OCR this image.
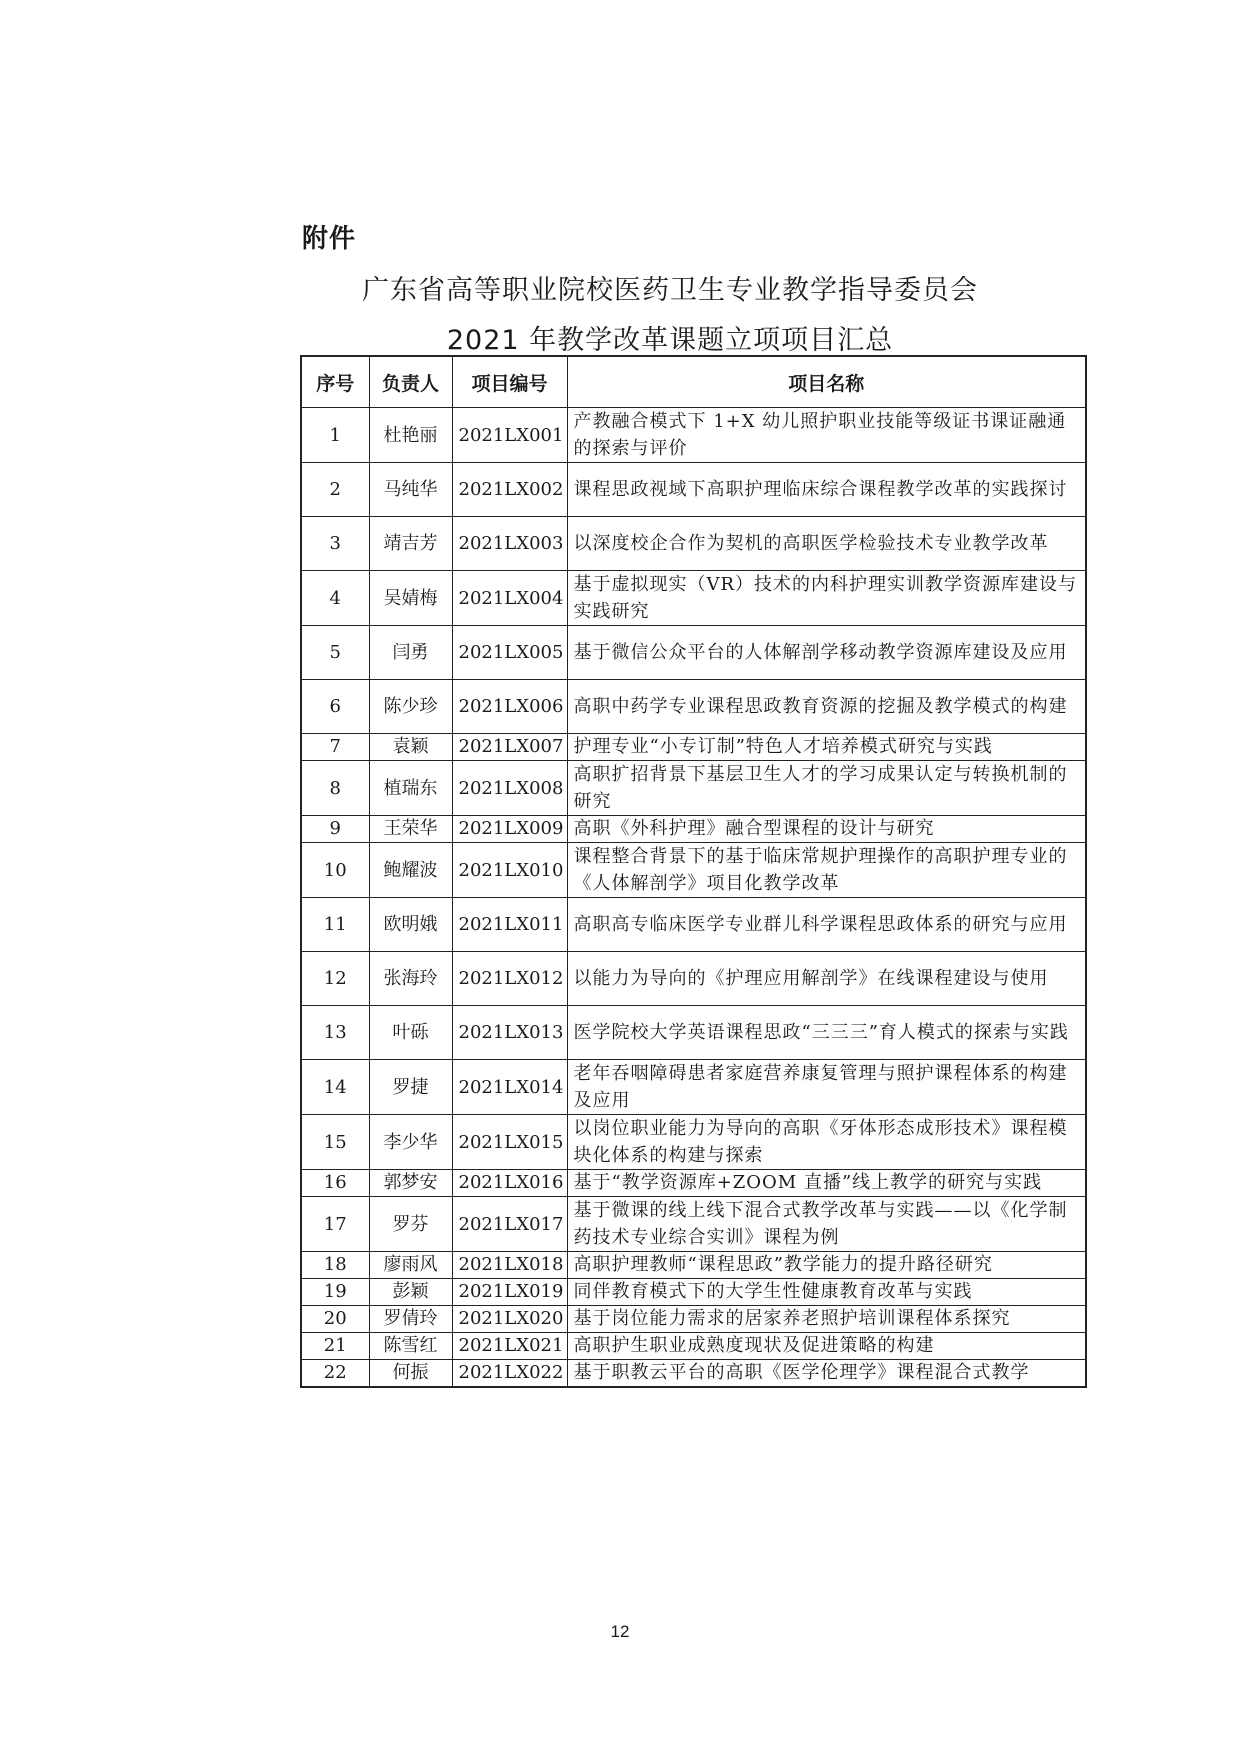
附件
广东省高等职业院校医药卫生专业教学指导委员会
2021 年教学改革课题立项项目汇总
序号	负责人	项目编号	项目名称
1	杜艳丽	2021LX001	产教融合模式下 1+X 幼儿照护职业技能等级证书课证融通的探索与评价
2	马纯华	2021LX002	课程思政视域下高职护理临床综合课程教学改革的实践探讨
3	靖吉芳	2021LX003	以深度校企合作为契机的高职医学检验技术专业教学改革
4	吴婧梅	2021LX004	基于虚拟现实（VR）技术的内科护理实训教学资源库建设与实践研究
5	闫勇	2021LX005	基于微信公众平台的人体解剖学移动教学资源库建设及应用
6	陈少珍	2021LX006	高职中药学专业课程思政教育资源的挖掘及教学模式的构建
7	袁颖	2021LX007	护理专业“小专订制”特色人才培养模式研究与实践
8	植瑞东	2021LX008	高职扩招背景下基层卫生人才的学习成果认定与转换机制的研究
9	王荣华	2021LX009	高职《外科护理》融合型课程的设计与研究
10	鲍耀波	2021LX010	课程整合背景下的基于临床常规护理操作的高职护理专业的《人体解剖学》项目化教学改革
11	欧明娥	2021LX011	高职高专临床医学专业群儿科学课程思政体系的研究与应用
12	张海玲	2021LX012	以能力为导向的《护理应用解剖学》在线课程建设与使用
13	叶砾	2021LX013	医学院校大学英语课程思政“三三三”育人模式的探索与实践
14	罗捷	2021LX014	老年吞咽障碍患者家庭营养康复管理与照护课程体系的构建及应用
15	李少华	2021LX015	以岗位职业能力为导向的高职《牙体形态成形技术》课程模块化体系的构建与探索
16	郭梦安	2021LX016	基于“教学资源库+ZOOM 直播”线上教学的研究与实践
17	罗芬	2021LX017	基于微课的线上线下混合式教学改革与实践——以《化学制药技术专业综合实训》课程为例
18	廖雨风	2021LX018	高职护理教师“课程思政”教学能力的提升路径研究
19	彭颖	2021LX019	同伴教育模式下的大学生性健康教育改革与实践
20	罗倩玲	2021LX020	基于岗位能力需求的居家养老照护培训课程体系探究
21	陈雪红	2021LX021	高职护生职业成熟度现状及促进策略的构建
22	何振	2021LX022	基于职教云平台的高职《医学伦理学》课程混合式教学
12
